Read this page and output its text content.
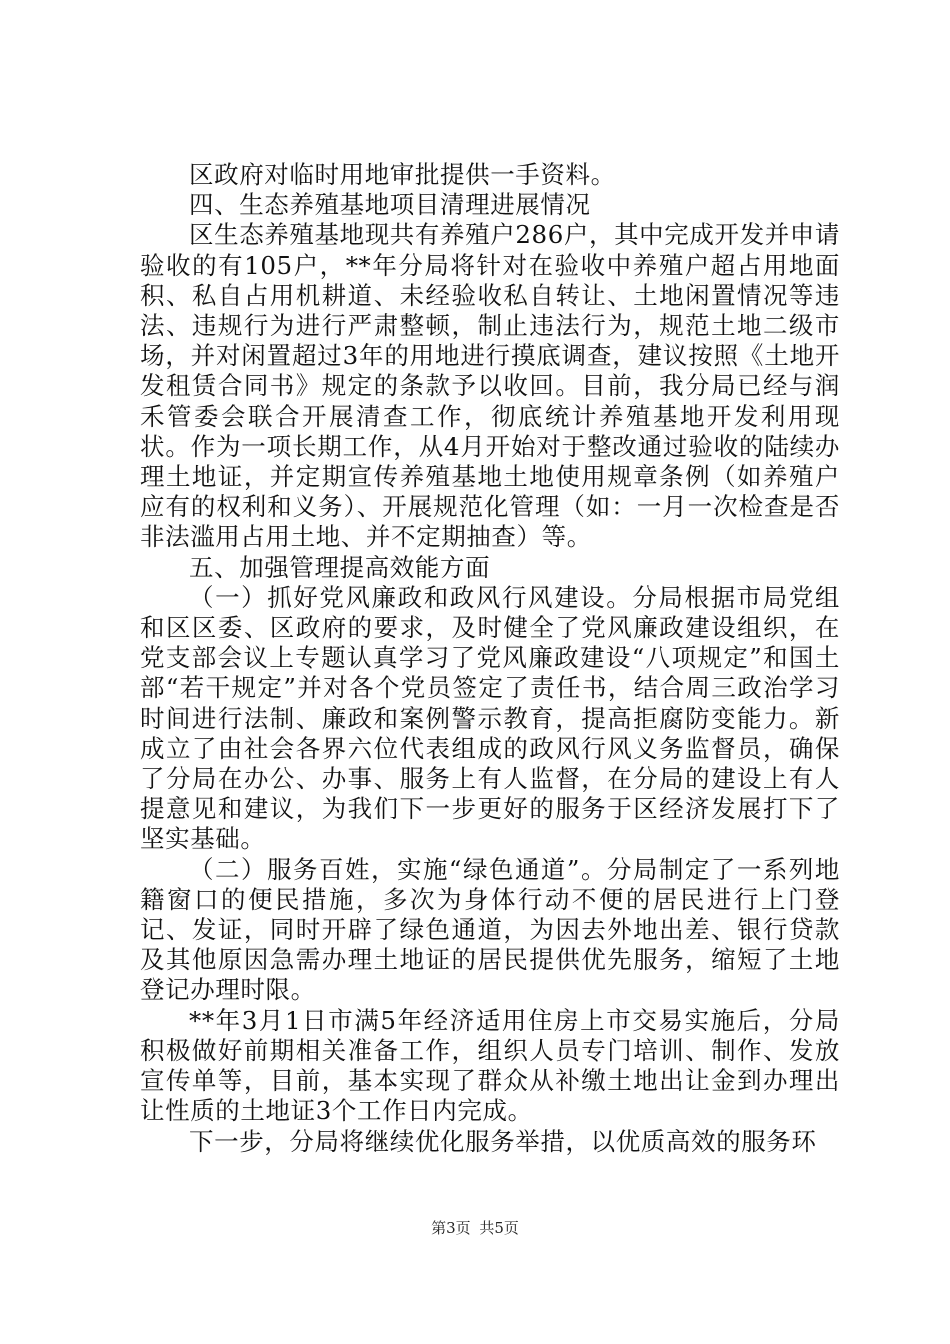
区政府对临时用地审批提供一手资料。

四、生态养殖基地项目清理进展情况

区生态养殖基地现共有养殖户286户，其中完成开发并申请验收的有105户，**年分局将针对在验收中养殖户超占用地面积、私自占用机耕道、未经验收私自转让、土地闲置情况等违法、违规行为进行严肃整顿，制止违法行为，规范土地二级市场，并对闲置超过3年的用地进行摸底调查，建议按照《土地开发租赁合同书》规定的条款予以收回。目前，我分局已经与润禾管委会联合开展清查工作，彻底统计养殖基地开发利用现状。作为一项长期工作，从4月开始对于整改通过验收的陆续办理土地证，并定期宣传养殖基地土地使用规章条例（如养殖户应有的权利和义务）、开展规范化管理（如：一月一次检查是否非法滥用占用土地、并不定期抽查）等。

五、加强管理提高效能方面

（一）抓好党风廉政和政风行风建设。分局根据市局党组和区区委、区政府的要求，及时健全了党风廉政建设组织，在党支部会议上专题认真学习了党风廉政建设“八项规定”和国土部“若干规定”并对各个党员签定了责任书，结合周三政治学习时间进行法制、廉政和案例警示教育，提高拒腐防变能力。新成立了由社会各界六位代表组成的政风行风义务监督员，确保了分局在办公、办事、服务上有人监督，在分局的建设上有人提意见和建议，为我们下一步更好的服务于区经济发展打下了坚实基础。

（二）服务百姓，实施“绿色通道”。分局制定了一系列地籍窗口的便民措施，多次为身体行动不便的居民进行上门登记、发证，同时开辟了绿色通道，为因去外地出差、银行贷款及其他原因急需办理土地证的居民提供优先服务，缩短了土地登记办理时限。

**年3月1日市满5年经济适用住房上市交易实施后，分局积极做好前期相关准备工作，组织人员专门培训、制作、发放宣传单等，目前，基本实现了群众从补缴土地出让金到办理出让性质的土地证3个工作日内完成。

下一步，分局将继续优化服务举措，以优质高效的服务环

第3页 共5页
